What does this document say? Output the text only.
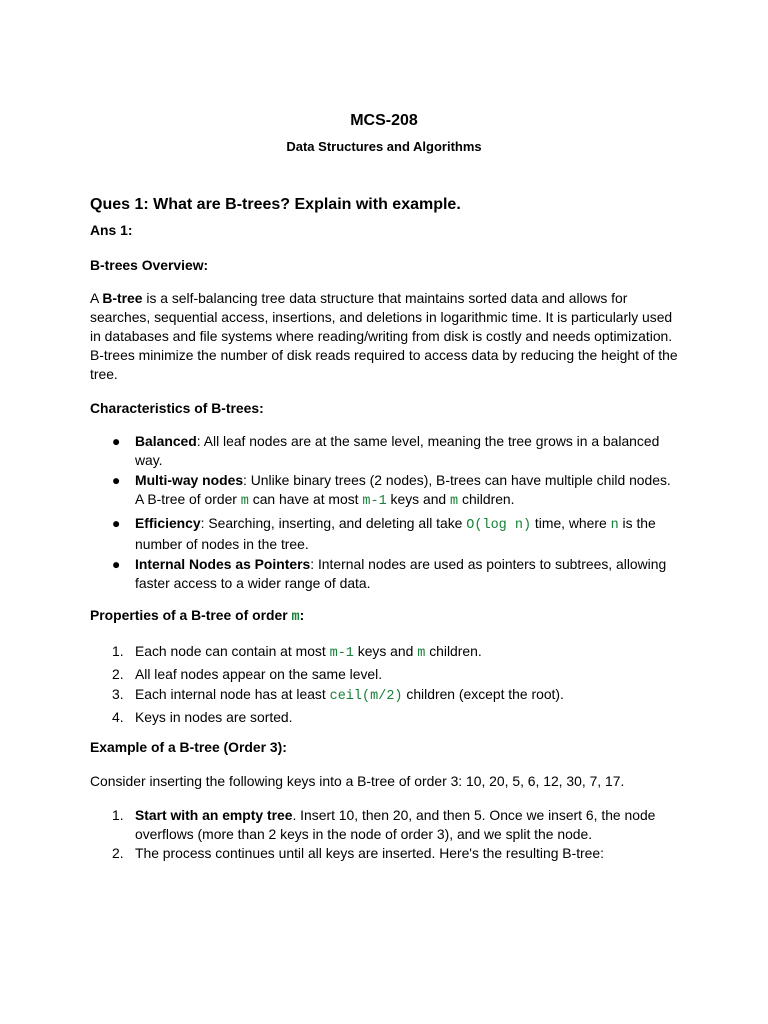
MCS-208
Data Structures and Algorithms
Ques 1: What are B-trees? Explain with example.
Ans 1:
B-trees Overview:
A B-tree is a self-balancing tree data structure that maintains sorted data and allows for searches, sequential access, insertions, and deletions in logarithmic time. It is particularly used in databases and file systems where reading/writing from disk is costly and needs optimization. B-trees minimize the number of disk reads required to access data by reducing the height of the tree.
Characteristics of B-trees:
● Balanced: All leaf nodes are at the same level, meaning the tree grows in a balanced way.
● Multi-way nodes: Unlike binary trees (2 nodes), B-trees can have multiple child nodes. A B-tree of order m can have at most m-1 keys and m children.
● Efficiency: Searching, inserting, and deleting all take O(log n) time, where n is the number of nodes in the tree.
● Internal Nodes as Pointers: Internal nodes are used as pointers to subtrees, allowing faster access to a wider range of data.
Properties of a B-tree of order m:
1. Each node can contain at most m-1 keys and m children.
2. All leaf nodes appear on the same level.
3. Each internal node has at least ceil(m/2) children (except the root).
4. Keys in nodes are sorted.
Example of a B-tree (Order 3):
Consider inserting the following keys into a B-tree of order 3: 10, 20, 5, 6, 12, 30, 7, 17.
1. Start with an empty tree. Insert 10, then 20, and then 5. Once we insert 6, the node overflows (more than 2 keys in the node of order 3), and we split the node.
2. The process continues until all keys are inserted. Here's the resulting B-tree:
